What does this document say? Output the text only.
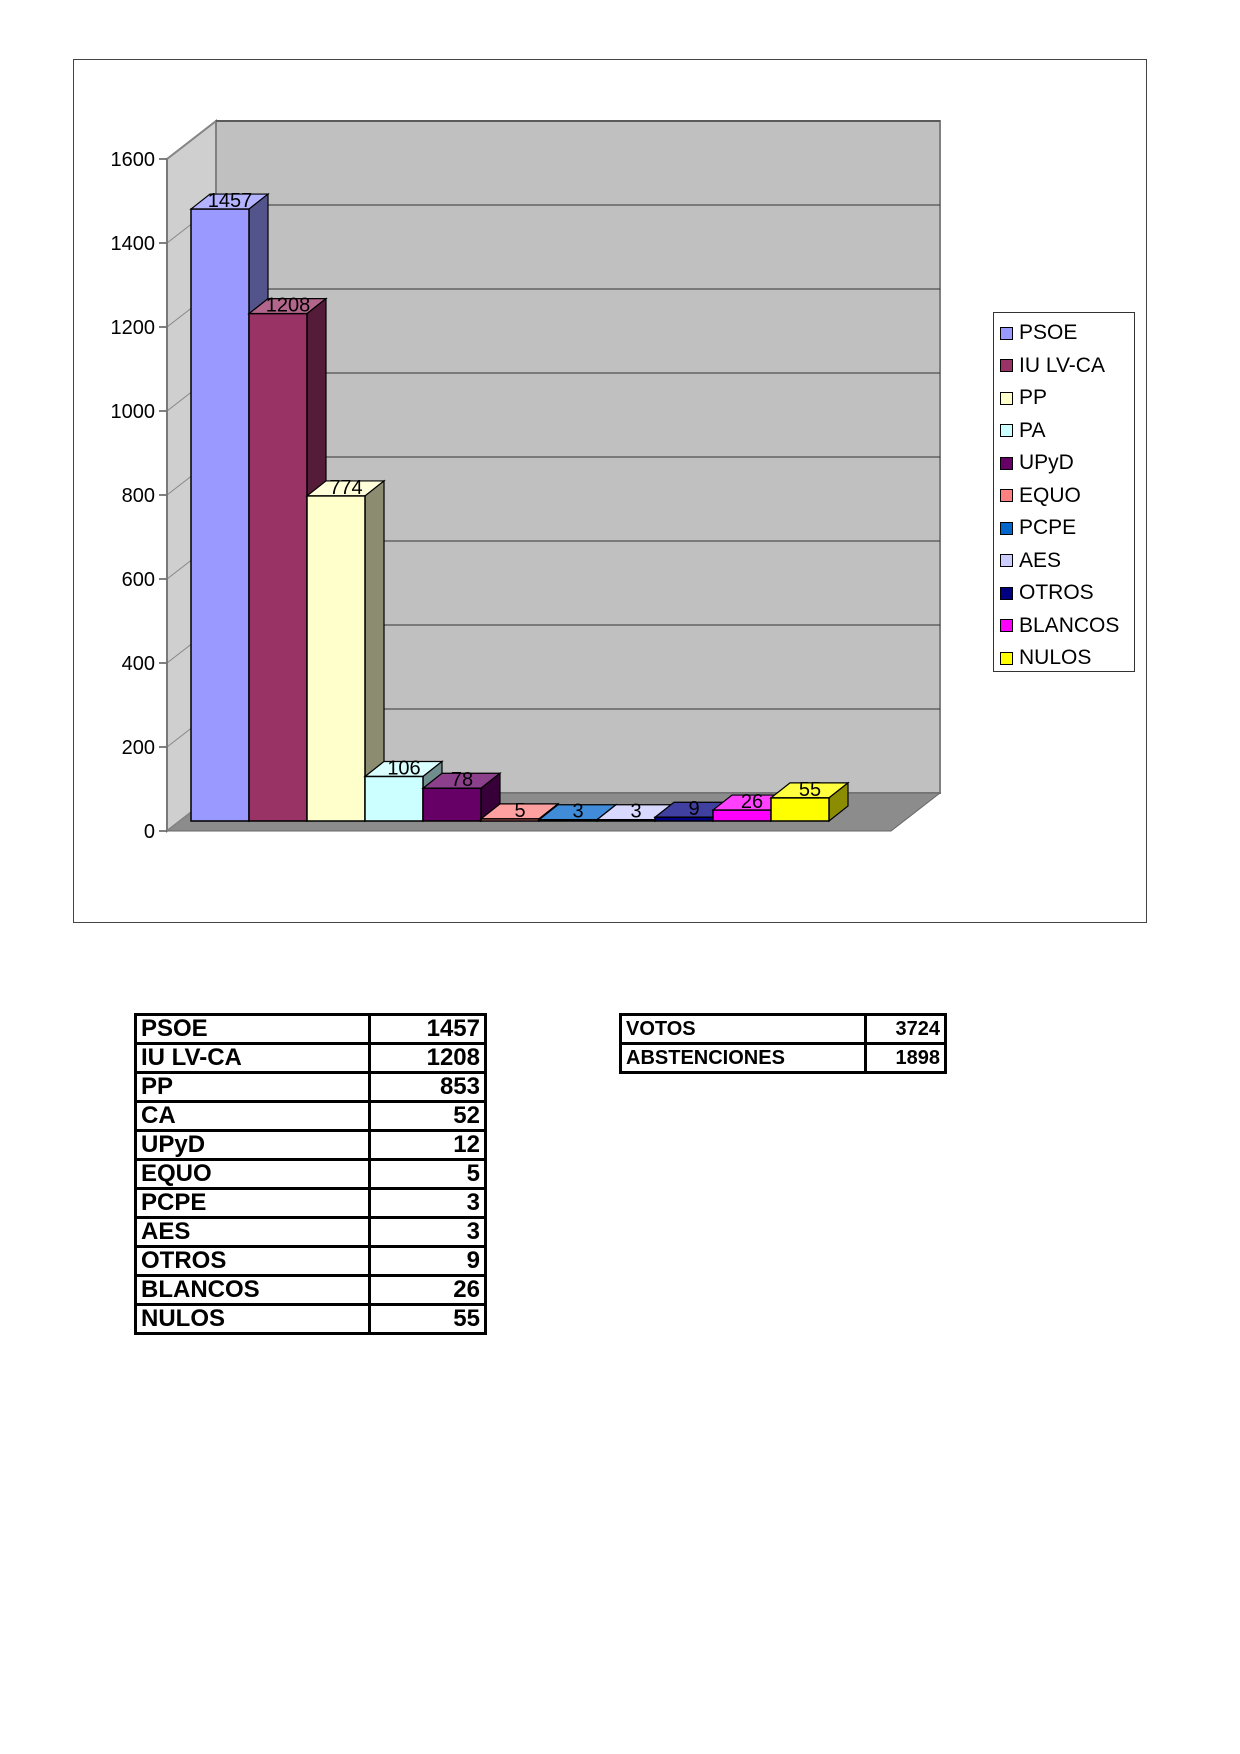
0
200
400
600
800
1000
1200
1400
1600
1457
1208
774
106
78
5 3 3 9 26
55
PSOE
IU LV-CA
PP
PA
UPyD
EQUO
PCPE
AES
OTROS
BLANCOS
NULOS
PSOE	1457
IU LV-CA	1208
PP	853
CA	52
UPyD	12
EQUO	5
PCPE	3
AES	3
OTROS	9
BLANCOS	26
NULOS	55
VOTOS	3724
ABSTENCIONES	1898
